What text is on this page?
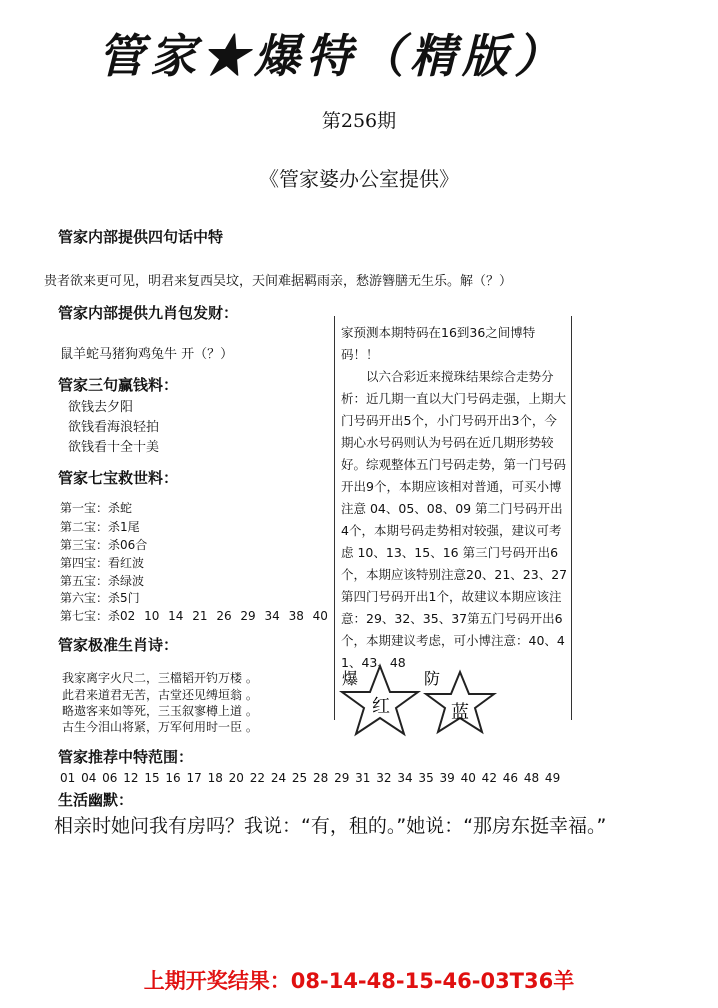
管家★爆特（精版）
第256期
《管家婆办公室提供》
管家内部提供四句话中特
贵者欲来更可见，明君来复西吴坟，天间难据羁雨亲，愁游簪膳无生乐。解（？）
管家内部提供九肖包发财：
鼠羊蛇马猪狗鸡兔牛 开（？）
管家三句赢钱料：
欲钱去夕阳
欲钱看海浪轻拍
欲钱看十全十美
管家七宝救世料：
第一宝：杀蛇
第二宝：杀1尾
第三宝：杀06合
第四宝：看红波
第五宝：杀绿波
第六宝：杀5门
第七宝：杀02 10 14 21 26 29 34 38 40
管家极准生肖诗：
我家离字火尺二，三檔韬开钓万楼 。
此君来道君无苦，古堂还见缚垣翁 。
略遨客来如等死，三玉叙寥樽上道 。
古生今泪山将紧，万军何用时一臣 。

家预测本期特码在16到36之间博特码！！

以六合彩近来搅珠结果综合走势分析：近几期一直以大门号码走强，上期大门号码开出5个，小门号码开出3个，今期心水号码则认为号码在近几期形势较好。综观整体五门号码走势，第一门号码开出9个，本期应该相对普通，可买小博注意 04、05、08、09 第二门号码开出4个，本期号码走势相对较强，建议可考虑 10、13、15、16 第三门号码开出6个，本期应该特别注意20、21、23、27 第四门号码开出1个，故建议本期应该注意：29、32、35、37第五门号码开出6个，本期建议考虑，可小博注意：40、41、43、48

爆
红
防
蓝
管家推荐中特范围：
01 04 06 12 15 16 17 18 20 22 24 25 28 29 31 32 34 35 39 40 42 46 48 49
生活幽默：
相亲时她问我有房吗？我说：“有，租的。”她说：“那房东挺幸福。”
上期开奖结果：08-14-48-15-46-03T36羊
